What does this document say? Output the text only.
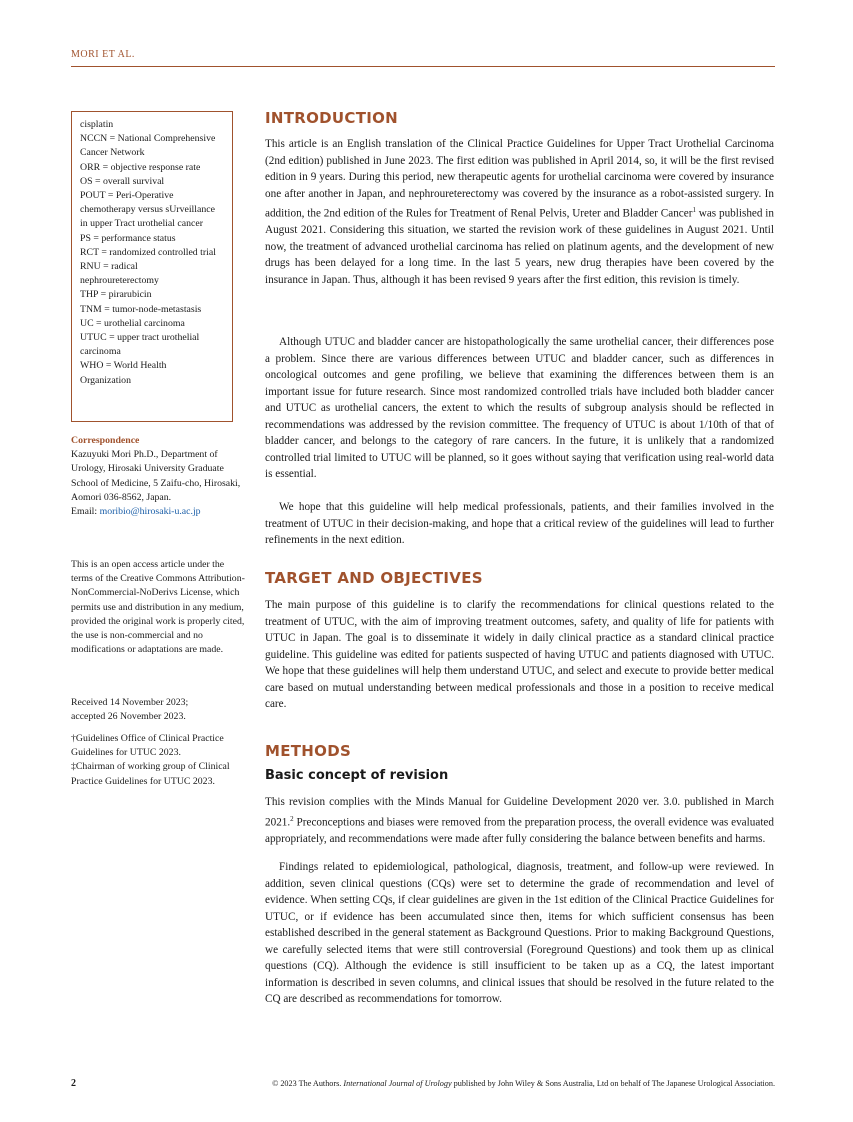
MORI ET AL.
cisplatin
NCCN = National Comprehensive Cancer Network
ORR = objective response rate
OS = overall survival
POUT = Peri-Operative chemotherapy versus sUrveillance in upper Tract urothelial cancer
PS = performance status
RCT = randomized controlled trial
RNU = radical nephroureterectomy
THP = pirarubicin
TNM = tumor-node-metastasis
UC = urothelial carcinoma
UTUC = upper tract urothelial carcinoma
WHO = World Health Organization
Correspondence
Kazuyuki Mori Ph.D., Department of Urology, Hirosaki University Graduate School of Medicine, 5 Zaifu-cho, Hirosaki, Aomori 036-8562, Japan.
Email: moribio@hirosaki-u.ac.jp
This is an open access article under the terms of the Creative Commons Attribution-NonCommercial-NoDerivs License, which permits use and distribution in any medium, provided the original work is properly cited, the use is non-commercial and no modifications or adaptations are made.
Received 14 November 2023; accepted 26 November 2023.
†Guidelines Office of Clinical Practice Guidelines for UTUC 2023.
‡Chairman of working group of Clinical Practice Guidelines for UTUC 2023.
INTRODUCTION

This article is an English translation of the Clinical Practice Guidelines for Upper Tract Urothelial Carcinoma (2nd edition) published in June 2023. The first edition was published in April 2014, so, it will be the first revised edition in 9 years. During this period, new therapeutic agents for urothelial carcinoma were covered by insurance one after another in Japan, and nephroureterectomy was covered by the insurance as a robot-assisted surgery. In addition, the 2nd edition of the Rules for Treatment of Renal Pelvis, Ureter and Bladder Cancer$^1$ was published in August 2021. Considering this situation, we started the revision work of these guidelines in August 2021. Until now, the treatment of advanced urothelial carcinoma has relied on platinum agents, and the development of new drugs has been delayed for a long time. In the last 5 years, new drug therapies have been covered by the insurance in Japan. Thus, although it has been revised 9 years after the first edition, this revision is timely.

Although UTUC and bladder cancer are histopathologically the same urothelial cancer, their differences pose a problem. Since there are various differences between UTUC and bladder cancer, such as differences in oncological outcomes and gene profiling, we believe that examining the differences between them is an important issue for future research. Since most randomized controlled trials have included both bladder cancer and UTUC as urothelial cancers, the extent to which the results of subgroup analysis should be reflected in recommendations was addressed by the revision committee. The frequency of UTUC is about 1/10th of that of bladder cancer, and belongs to the category of rare cancers. In the future, it is unlikely that a randomized controlled trial limited to UTUC will be planned, so it goes without saying that verification using real-world data is essential.

We hope that this guideline will help medical professionals, patients, and their families involved in the treatment of UTUC in their decision-making, and hope that a critical review of the guidelines will lead to further refinements in the next edition.

TARGET AND OBJECTIVES

The main purpose of this guideline is to clarify the recommendations for clinical questions related to the treatment of UTUC, with the aim of improving treatment outcomes, safety, and quality of life for patients with UTUC in Japan. The goal is to disseminate it widely in daily clinical practice as a standard clinical practice guideline. This guideline was edited for patients suspected of having UTUC and patients diagnosed with UTUC. We hope that these guidelines will help them understand UTUC, and select and execute to provide better medical care based on mutual understanding between medical professionals and those in a position to receive medical care.

METHODS
Basic concept of revision

This revision complies with the Minds Manual for Guideline Development 2020 ver. 3.0. published in March 2021.$^2$ Preconceptions and biases were removed from the preparation process, the overall evidence was evaluated appropriately, and recommendations were made after fully considering the balance between benefits and harms.

Findings related to epidemiological, pathological, diagnosis, treatment, and follow-up were reviewed. In addition, seven clinical questions (CQs) were set to determine the grade of recommendation and level of evidence. When setting CQs, if clear guidelines are given in the 1st edition of the Clinical Practice Guidelines for UTUC, or if evidence has been accumulated since then, items for which sufficient consensus has been established described in the general statement as Background Questions. Prior to making Background Questions, we carefully selected items that were still controversial (Foreground Questions) and took them up as clinical questions (CQ). Although the evidence is still insufficient to be taken up as a CQ, the latest important information is described in seven columns, and clinical issues that should be resolved in the future related to the CQ are described as recommendations for tomorrow.

2	© 2023 The Authors. International Journal of Urology published by John Wiley & Sons Australia, Ltd on behalf of The Japanese Urological Association.
